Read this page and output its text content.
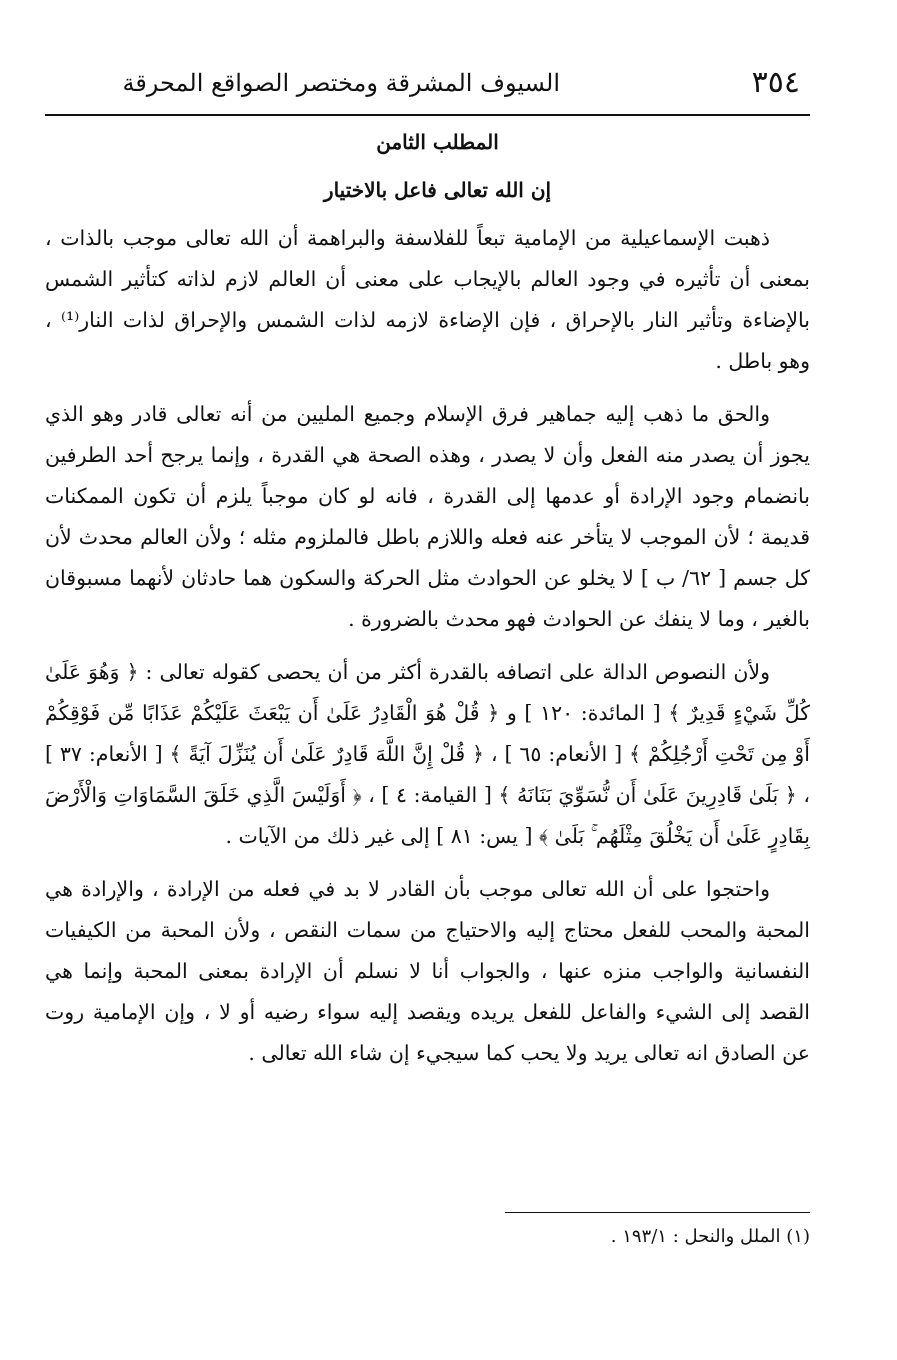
٣٥٤
السيوف المشرقة ومختصر الصواقع المحرقة
المطلب الثامن
إن الله تعالى فاعل بالاختيار

ذهبت الإسماعيلية من الإمامية تبعاً للفلاسفة والبراهمة أن الله تعالى موجب بالذات ، بمعنى أن تأثيره في وجود العالم بالإيجاب على معنى أن العالم لازم لذاته كتأثير الشمس بالإضاءة وتأثير النار بالإحراق ، فإن الإضاءة لازمه لذات الشمس والإحراق لذات النار⁽¹⁾ ، وهو باطل .

والحق ما ذهب إليه جماهير فرق الإسلام وجميع المليين من أنه تعالى قادر وهو الذي يجوز أن يصدر منه الفعل وأن لا يصدر ، وهذه الصحة هي القدرة ، وإنما يرجح أحد الطرفين بانضمام وجود الإرادة أو عدمها إلى القدرة ، فانه لو كان موجباً يلزم أن تكون الممكنات قديمة ؛ لأن الموجب لا يتأخر عنه فعله واللازم باطل فالملزوم مثله ؛ ولأن العالم محدث لأن كل جسم [ ٦٢/ ب ] لا يخلو عن الحوادث مثل الحركة والسكون هما حادثان لأنهما مسبوقان بالغير ، وما لا ينفك عن الحوادث فهو محدث بالضرورة .

ولأن النصوص الدالة على اتصافه بالقدرة أكثر من أن يحصى كقوله تعالى : ﴿ وَهُوَ عَلَىٰ كُلِّ شَيْءٍ قَدِيرٌ ﴾ [ المائدة: ١٢٠ ] و ﴿ قُلْ هُوَ الْقَادِرُ عَلَىٰ أَن يَبْعَثَ عَلَيْكُمْ عَذَابًا مِّن فَوْقِكُمْ أَوْ مِن تَحْتِ أَرْجُلِكُمْ ﴾ [ الأنعام: ٦٥ ] ، ﴿ قُلْ إِنَّ اللَّهَ قَادِرٌ عَلَىٰ أَن يُنَزِّلَ آيَةً ﴾ [ الأنعام: ٣٧ ] ، ﴿ بَلَىٰ قَادِرِينَ عَلَىٰ أَن نُّسَوِّيَ بَنَانَهُ ﴾ [ القيامة: ٤ ] ، ﴿ أَوَلَيْسَ الَّذِي خَلَقَ السَّمَاوَاتِ وَالْأَرْضَ بِقَادِرٍ عَلَىٰ أَن يَخْلُقَ مِثْلَهُم ۚ بَلَىٰ ﴾ [ يس: ٨١ ] إلى غير ذلك من الآيات .

واحتجوا على أن الله تعالى موجب بأن القادر لا بد في فعله من الإرادة ، والإرادة هي المحبة والمحب للفعل محتاج إليه والاحتياج من سمات النقص ، ولأن المحبة من الكيفيات النفسانية والواجب منزه عنها ، والجواب أنا لا نسلم أن الإرادة بمعنى المحبة وإنما هي القصد إلى الشيء والفاعل للفعل يريده ويقصد إليه سواء رضيه أو لا ، وإن الإمامية روت عن الصادق انه تعالى يريد ولا يحب كما سيجيء إن شاء الله تعالى .

(١) الملل والنحل : ١٩٣/١ .
